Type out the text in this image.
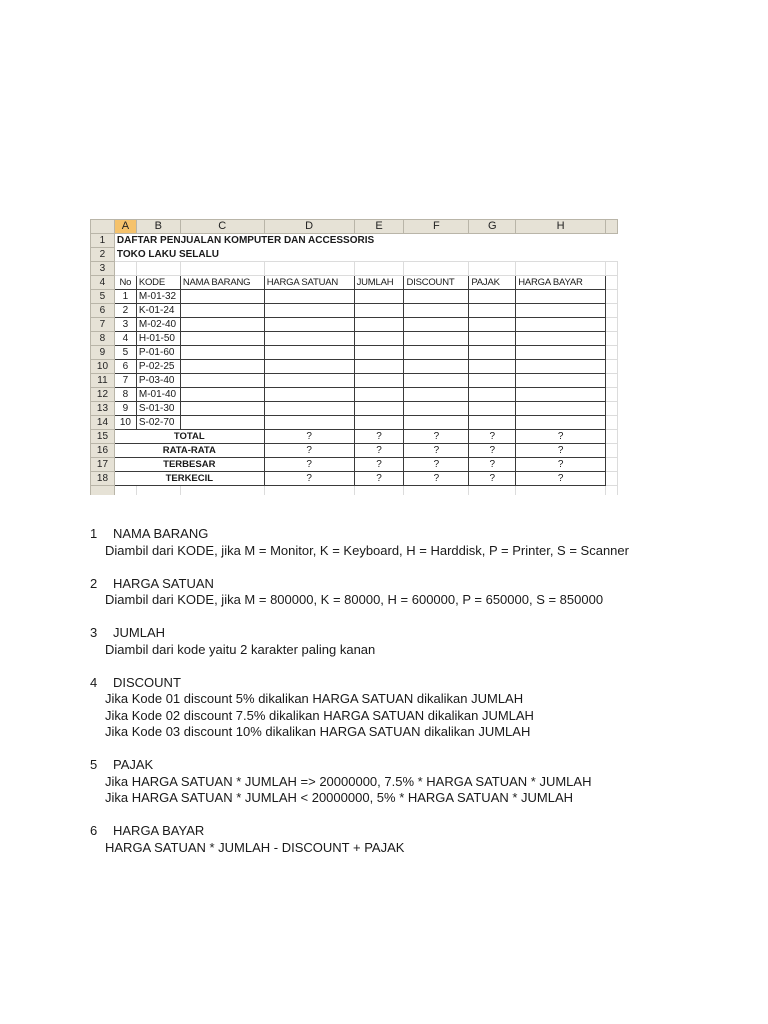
	A	B	C	D	E	F	G	H	
1	DAFTAR PENJUALAN KOMPUTER DAN ACCESSORIS								
2	TOKO LAKU SELALU								
3									
4	No	KODE	NAMA BARANG	HARGA SATUAN	JUMLAH	DISCOUNT	PAJAK	HARGA BAYAR	
5	1	M-01-32							
6	2	K-01-24							
7	3	M-02-40							
8	4	H-01-50							
9	5	P-01-60							
10	6	P-02-25							
11	7	P-03-40							
12	8	M-01-40							
13	9	S-01-30							
14	10	S-02-70							
15	TOTAL			?	?	?	?	?	
16	RATA-RATA			?	?	?	?	?	
17	TERBESAR			?	?	?	?	?	
18	TERKECIL			?	?	?	?	?	

1	NAMA BARANG
Diambil dari KODE, jika M = Monitor, K = Keyboard, H = Harddisk, P = Printer, S = Scanner
2	HARGA SATUAN
Diambil dari KODE, jika M = 800000, K = 80000, H = 600000, P = 650000, S = 850000
3	JUMLAH
Diambil dari kode yaitu 2 karakter paling kanan
4	DISCOUNT
Jika Kode 01 discount 5% dikalikan HARGA SATUAN dikalikan JUMLAH
Jika Kode 02 discount 7.5% dikalikan HARGA SATUAN dikalikan JUMLAH
Jika Kode 03 discount 10% dikalikan HARGA SATUAN dikalikan JUMLAH
5	PAJAK
Jika HARGA SATUAN * JUMLAH => 20000000, 7.5% * HARGA SATUAN * JUMLAH
Jika HARGA SATUAN * JUMLAH < 20000000, 5% * HARGA SATUAN * JUMLAH
6	HARGA BAYAR
HARGA SATUAN * JUMLAH - DISCOUNT + PAJAK
